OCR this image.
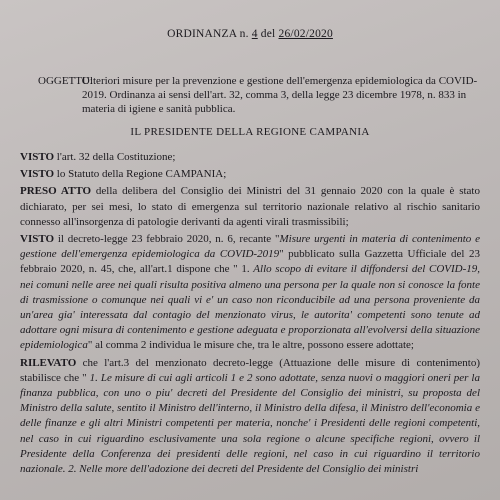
ORDINANZA n. 4 del 26/02/2020
OGGETTO:
Ulteriori misure per la prevenzione e gestione dell'emergenza epidemiologica da COVID-2019. Ordinanza ai sensi dell'art. 32, comma 3, della legge 23 dicembre 1978, n. 833 in materia di igiene e sanità pubblica.
IL PRESIDENTE DELLA REGIONE CAMPANIA
VISTO l'art. 32 della Costituzione;
VISTO lo Statuto della Regione CAMPANIA;
PRESO ATTO della delibera del Consiglio dei Ministri del 31 gennaio 2020 con la quale è stato dichiarato, per sei mesi, lo stato di emergenza sul territorio nazionale relativo al rischio sanitario connesso all'insorgenza di patologie derivanti da agenti virali trasmissibili;
VISTO il decreto-legge 23 febbraio 2020, n. 6, recante "Misure urgenti in materia di contenimento e gestione dell'emergenza epidemiologica da COVID-2019" pubblicato sulla Gazzetta Ufficiale del 23 febbraio 2020, n. 45, che, all'art.1 dispone che " 1. Allo scopo di evitare il diffondersi del COVID-19, nei comuni nelle aree nei quali risulta positiva almeno una persona per la quale non si conosce la fonte di trasmissione o comunque nei quali vi e' un caso non riconducibile ad una persona proveniente da un'area gia' interessata dal contagio del menzionato virus, le autorita' competenti sono tenute ad adottare ogni misura di contenimento e gestione adeguata e proporzionata all'evolversi della situazione epidemiologica" al comma 2 individua le misure che, tra le altre, possono essere adottate;
RILEVATO che l'art.3 del menzionato decreto-legge (Attuazione delle misure di contenimento) stabilisce che " 1. Le misure di cui agli articoli 1 e 2 sono adottate, senza nuovi o maggiori oneri per la finanza pubblica, con uno o piu' decreti del Presidente del Consiglio dei ministri, su proposta del Ministro della salute, sentito il Ministro dell'interno, il Ministro della difesa, il Ministro dell'economia e delle finanze e gli altri Ministri competenti per materia, nonche' i Presidenti delle regioni competenti, nel caso in cui riguardino esclusivamente una sola regione o alcune specifiche regioni, ovvero il Presidente della Conferenza dei presidenti delle regioni, nel caso in cui riguardino il territorio nazionale. 2. Nelle more dell'adozione dei decreti del Presidente del Consiglio dei ministri
